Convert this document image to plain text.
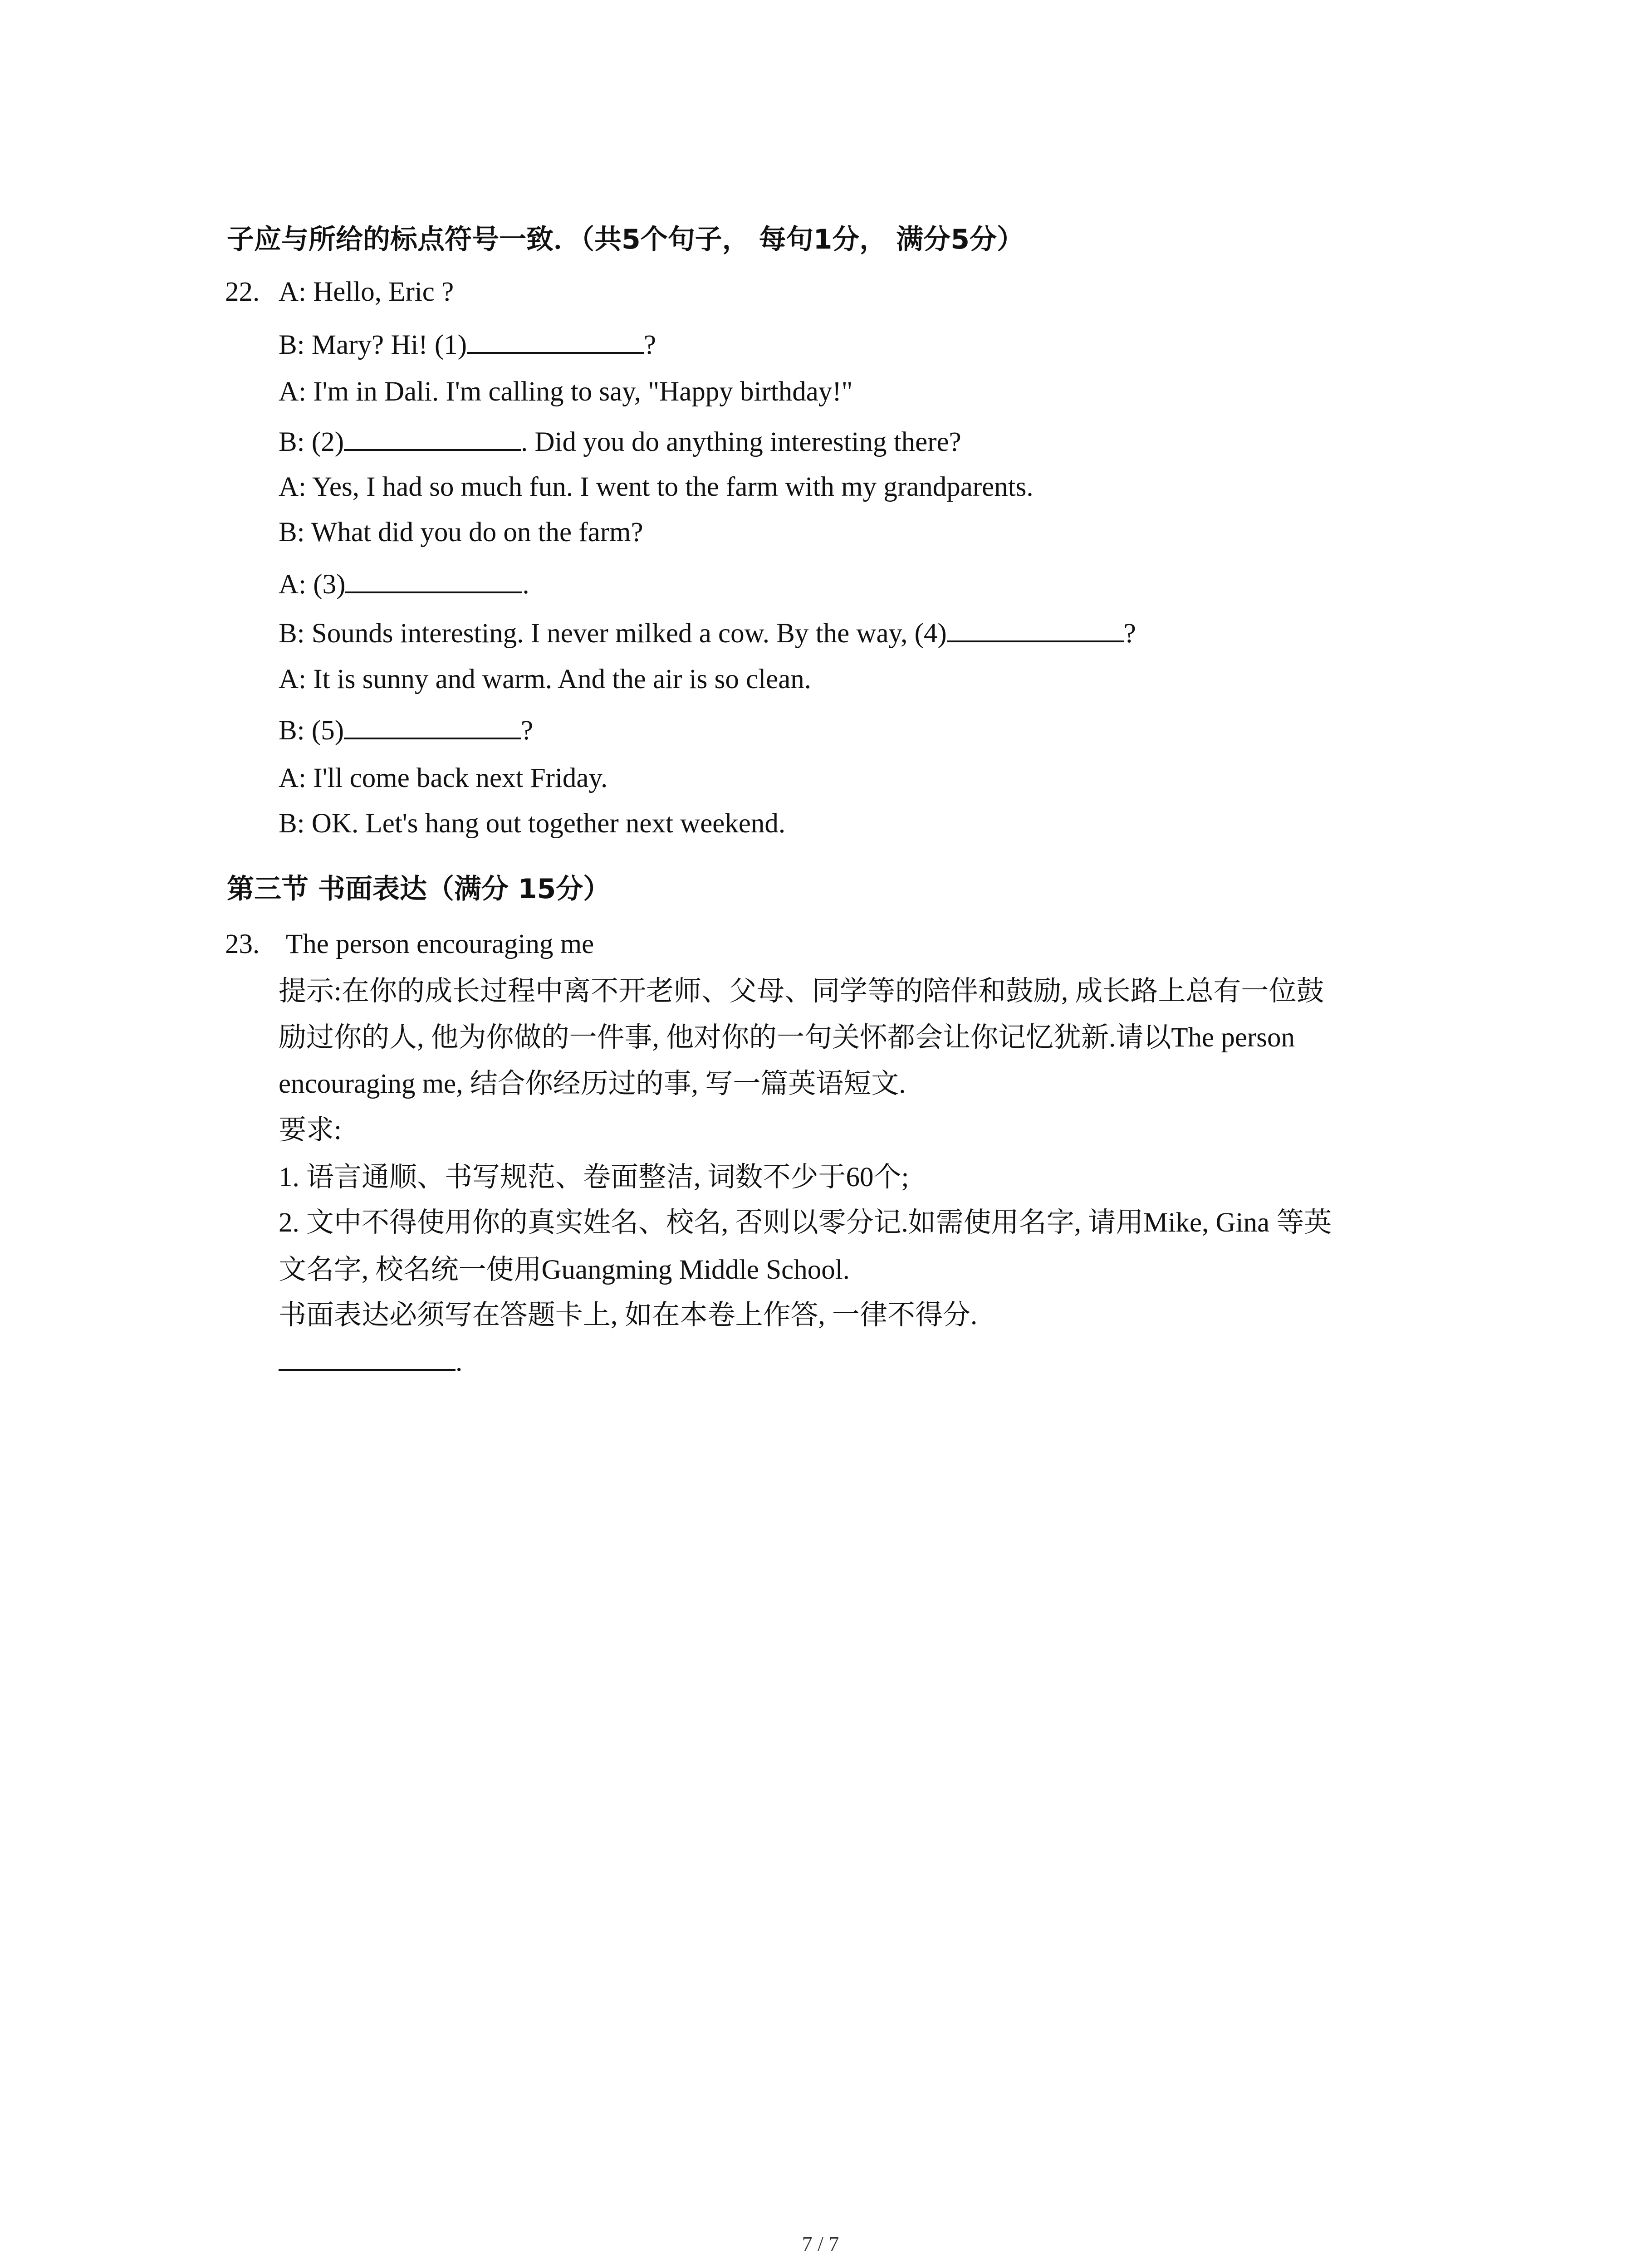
子应与所给的标点符号一致．（共5个句子， 每句1分， 满分5分）
22. A: Hello, Eric ?
B: Mary? Hi! (1)	?
A: I'm in Dali. I'm calling to say, "Happy birthday!"
B: (2)	. Did you do anything interesting there?
A: Yes, I had so much fun. I went to the farm with my grandparents.
B: What did you do on the farm?
A: (3)	.
B: Sounds interesting. I never milked a cow. By the way, (4)	?
A: It is sunny and warm. And the air is so clean.
B: (5)	?
A: I'll come back next Friday.
B: OK. Let's hang out together next weekend.
第三节 书面表达（满分 15分）
23. The person encouraging me
提示:在你的成长过程中离不开老师、父母、同学等的陪伴和鼓励, 成长路上总有一位鼓
励过你的人, 他为你做的一件事, 他对你的一句关怀都会让你记忆犹新.请以The person
encouraging me, 结合你经历过的事, 写一篇英语短文.
要求:
1. 语言通顺、书写规范、卷面整洁, 词数不少于60个;
2. 文中不得使用你的真实姓名、校名, 否则以零分记.如需使用名字, 请用Mike, Gina 等英
文名字, 校名统一使用Guangming Middle School.
书面表达必须写在答题卡上, 如在本卷上作答, 一律不得分.
.
7 / 7
